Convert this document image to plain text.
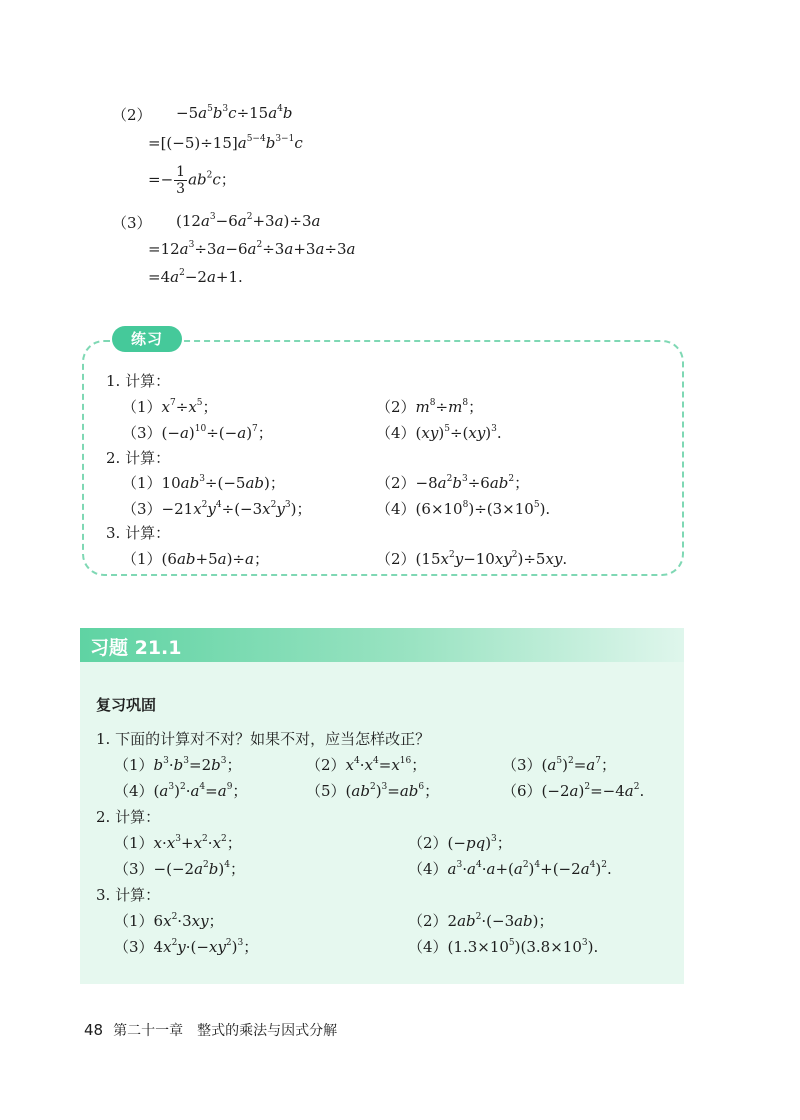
$(2) -5a^5b^3c\div 15a^4b$
$=[(-5)\div 15]a^{5-4}b^{3-1}c$
=− $\frac{1}{3} ab^2c$；
（3） $(12a^3-6a^2+3a)\div 3a$
$=12a^3\div 3a-6a^2\div 3a+3a\div 3a$
$=4a^2-2a+1$.
练习
1. 计算：
$(1)x^7\div x^5$；	$(2)m^8\div m^8$；
$(3)(-a)^{10}\div(-a)^7$；	（4）(xy)$^5$÷(xy)$^3$.
2. 计算：
$(1)10ab^3\div(-5ab)$；	$(2)-8a^2b^3\div 6ab^2$；
$(3)-21x^2y^4\div(-3x^2y^3)$；	$(4)(6\times 10^8)\div(3\times 10^5)$.
3. 计算：
（1）(6ab+5a)÷a；	$(2)(15x^2y-10xy^2)\div 5xy$.
习题 21.1
复习巩固
1. 下面的计算对不对？如果不对，应当怎样改正？
$(1)b^3\cdot b^3=2b^3$；	$(2)x^4\cdot x^4=x^{16}$；	$(3)(a^5)^2=a^7$；
$(4)(a^3)^2\cdot a^4=a^9$；	$(5)(ab^2)^3=ab^6$；	$(6)(-2a)^2=-4a^2$.
2. 计算：
$(1)x\cdot x^3+x^2\cdot x^2$；	$(2)(-pq)^3$；
$(3)-(-2a^2b)^4$；	$(4)a^3\cdot a^4\cdot a+(a^2)^4+(-2a^4)^2$.
3. 计算：
$(1)6x^2\cdot 3xy$；	$(2)2ab^2\cdot(-3ab)$；
$(3)4x^2y\cdot(-xy^2)^3$；	$(4)(1.3\times 10^5)(3.8\times 10^3)$.
48 第二十一章　整式的乘法与因式分解
